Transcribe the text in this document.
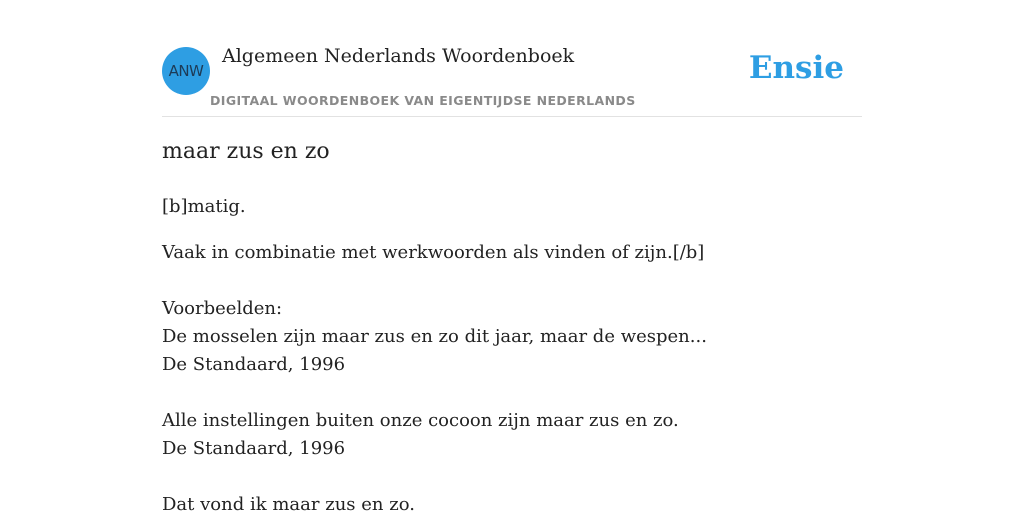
ANW
Algemeen Nederlands Woordenboek
DIGITAAL WOORDENBOEK VAN EIGENTIJDSE NEDERLANDS
Ensie
maar zus en zo
[b]matig.
Vaak in combinatie met werkwoorden als vinden of zijn.[/b]
Voorbeelden:
De mosselen zijn maar zus en zo dit jaar, maar de wespen...
De Standaard, 1996
Alle instellingen buiten onze cocoon zijn maar zus en zo.
De Standaard, 1996
Dat vond ik maar zus en zo.
